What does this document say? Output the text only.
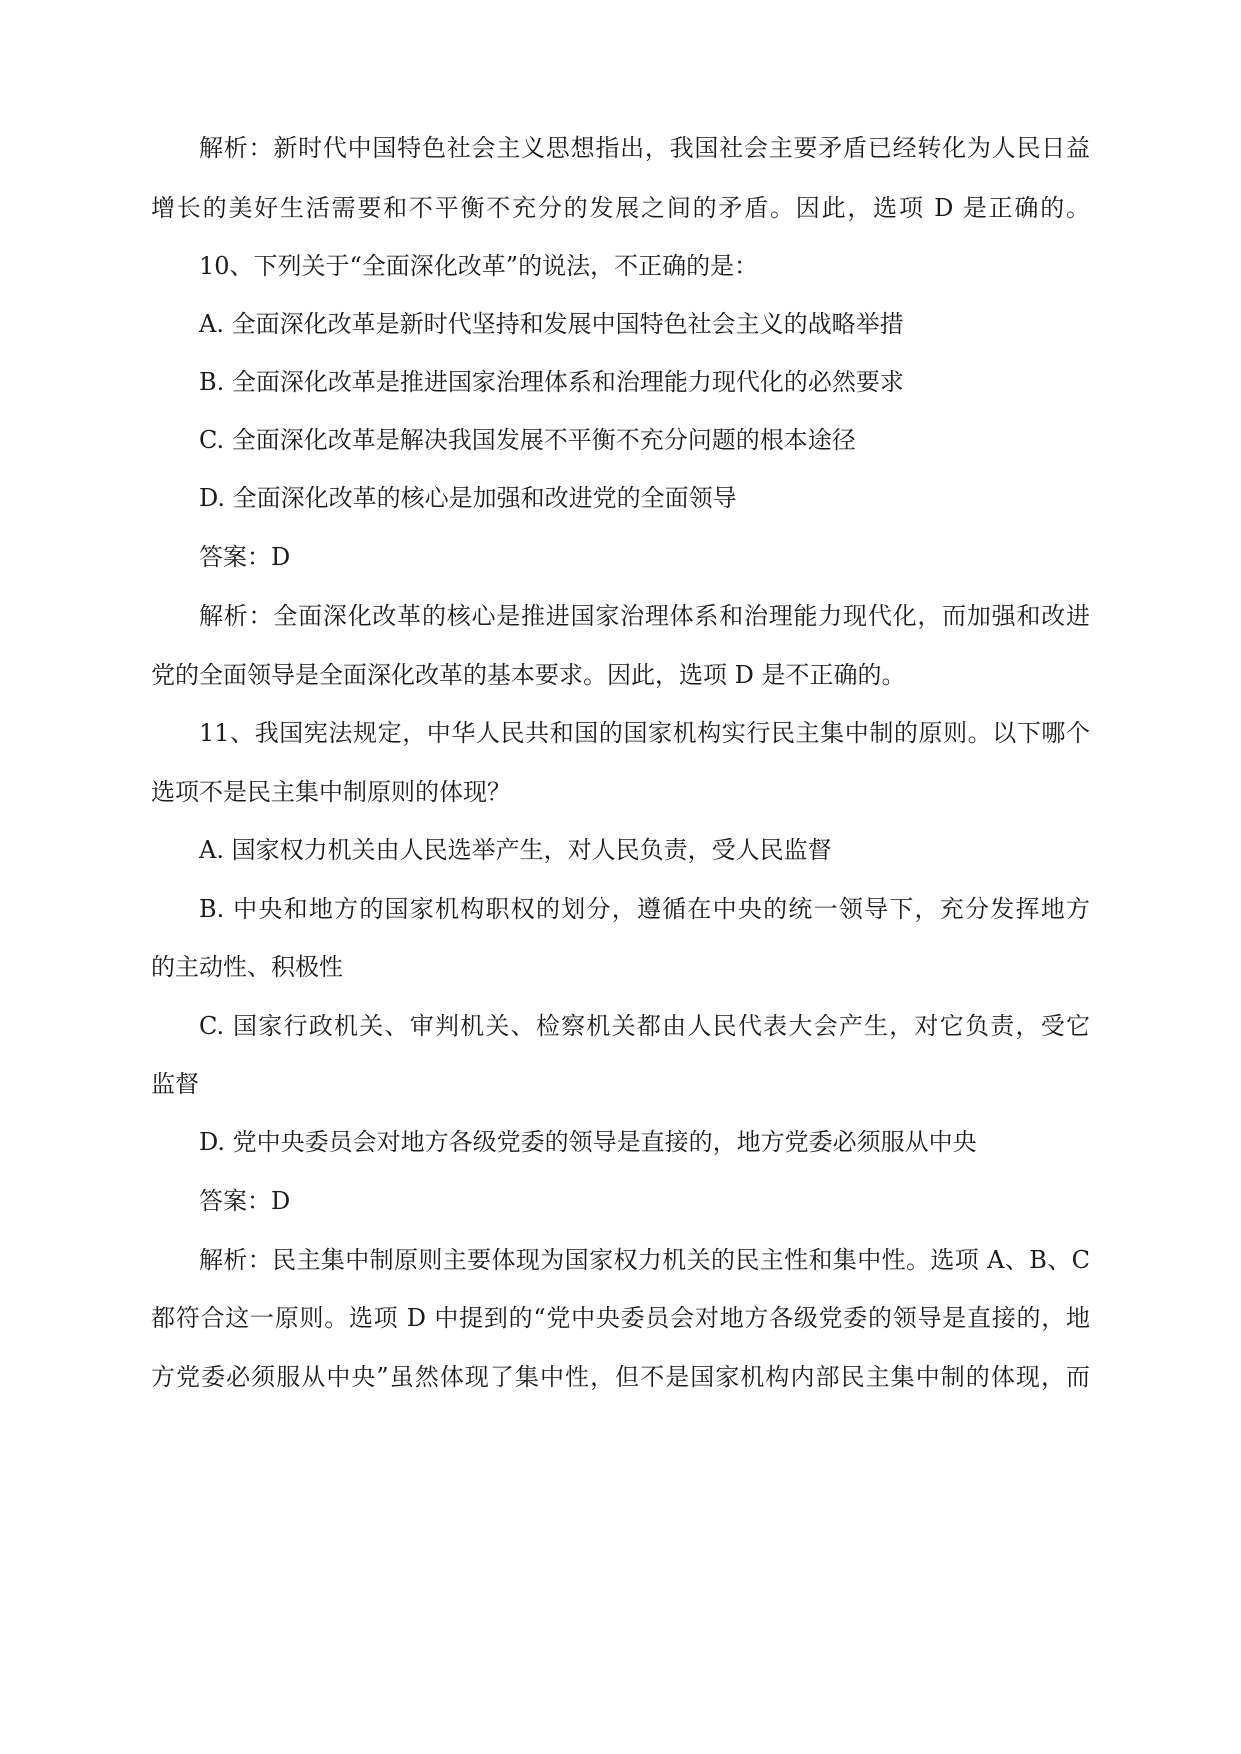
解析：新时代中国特色社会主义思想指出，我国社会主要矛盾已经转化为人民日益

增长的美好生活需要和不平衡不充分的发展之间的矛盾。因此，选项 D 是正确的。

10、下列关于“全面深化改革”的说法，不正确的是：

A. 全面深化改革是新时代坚持和发展中国特色社会主义的战略举措

B. 全面深化改革是推进国家治理体系和治理能力现代化的必然要求

C. 全面深化改革是解决我国发展不平衡不充分问题的根本途径

D. 全面深化改革的核心是加强和改进党的全面领导

答案：D

解析：全面深化改革的核心是推进国家治理体系和治理能力现代化，而加强和改进

党的全面领导是全面深化改革的基本要求。因此，选项 D 是不正确的。

11、我国宪法规定，中华人民共和国的国家机构实行民主集中制的原则。以下哪个

选项不是民主集中制原则的体现？

A. 国家权力机关由人民选举产生，对人民负责，受人民监督

B. 中央和地方的国家机构职权的划分，遵循在中央的统一领导下，充分发挥地方

的主动性、积极性

C. 国家行政机关、审判机关、检察机关都由人民代表大会产生，对它负责，受它

监督

D. 党中央委员会对地方各级党委的领导是直接的，地方党委必须服从中央

答案：D

解析：民主集中制原则主要体现为国家权力机关的民主性和集中性。选项 A、B、C

都符合这一原则。选项 D 中提到的“党中央委员会对地方各级党委的领导是直接的，地

方党委必须服从中央”虽然体现了集中性，但不是国家机构内部民主集中制的体现，而
